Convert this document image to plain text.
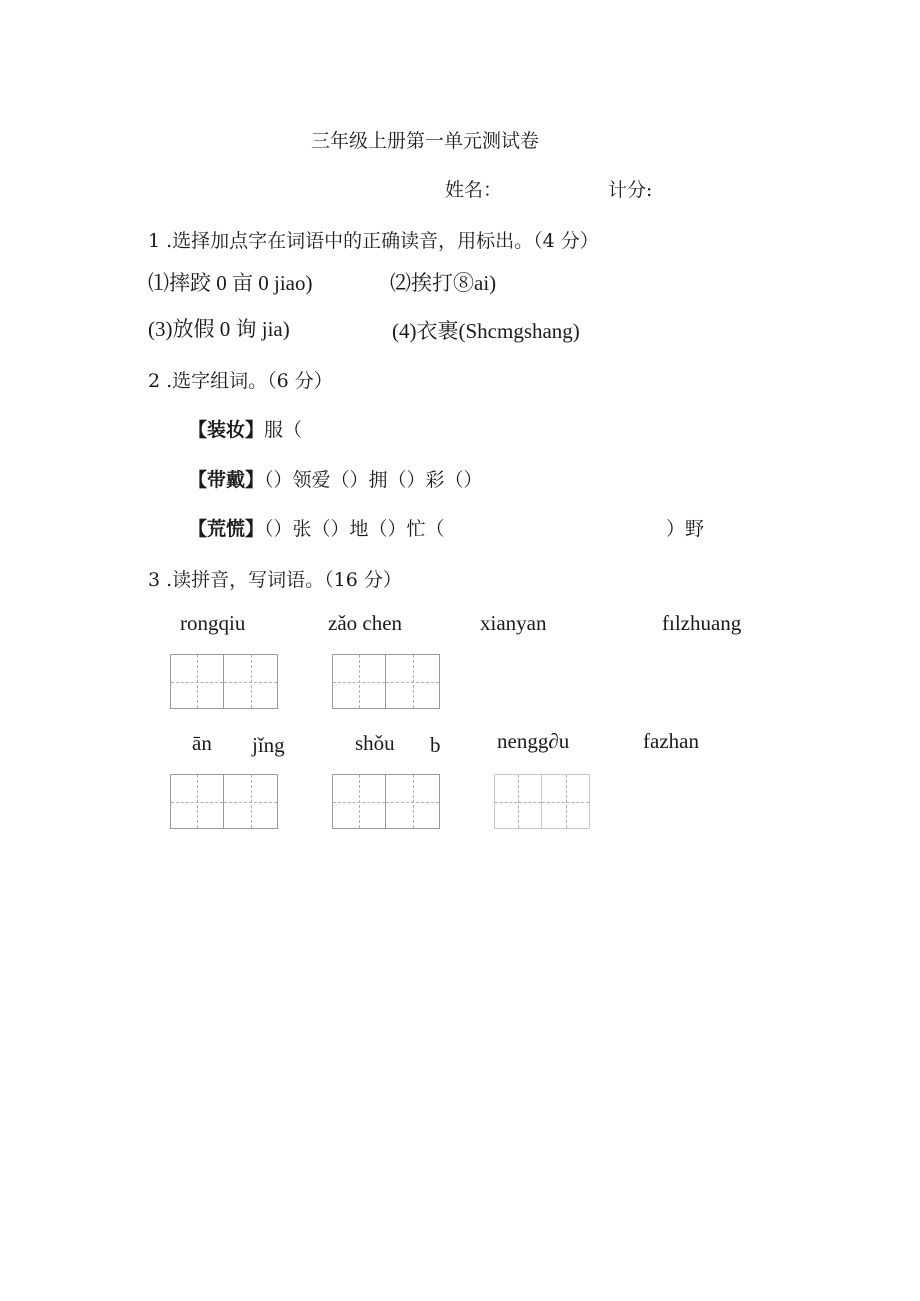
三年级上册第一单元测试卷
姓名：	计分:
1 .选择加点字在词语中的正确读音，用标出。（4 分）
⑴摔跤 0 亩 0 jiao)	⑵挨打⑧ai)
(3)放假 0 询 jia)	(4)衣裹(Shcmgshang)
2 .选字组词。（6 分）
【装妆】服（
【带戴】（）领爱（）拥（）彩（）
【荒慌】（）张（）地（）忙（	）野
3 .读拼音，写词语。（16 分）
rongqiu	zǎo chen	xianyan	fılzhuang
ān jǐng	shǒu b	nengg∂u	fazhan
